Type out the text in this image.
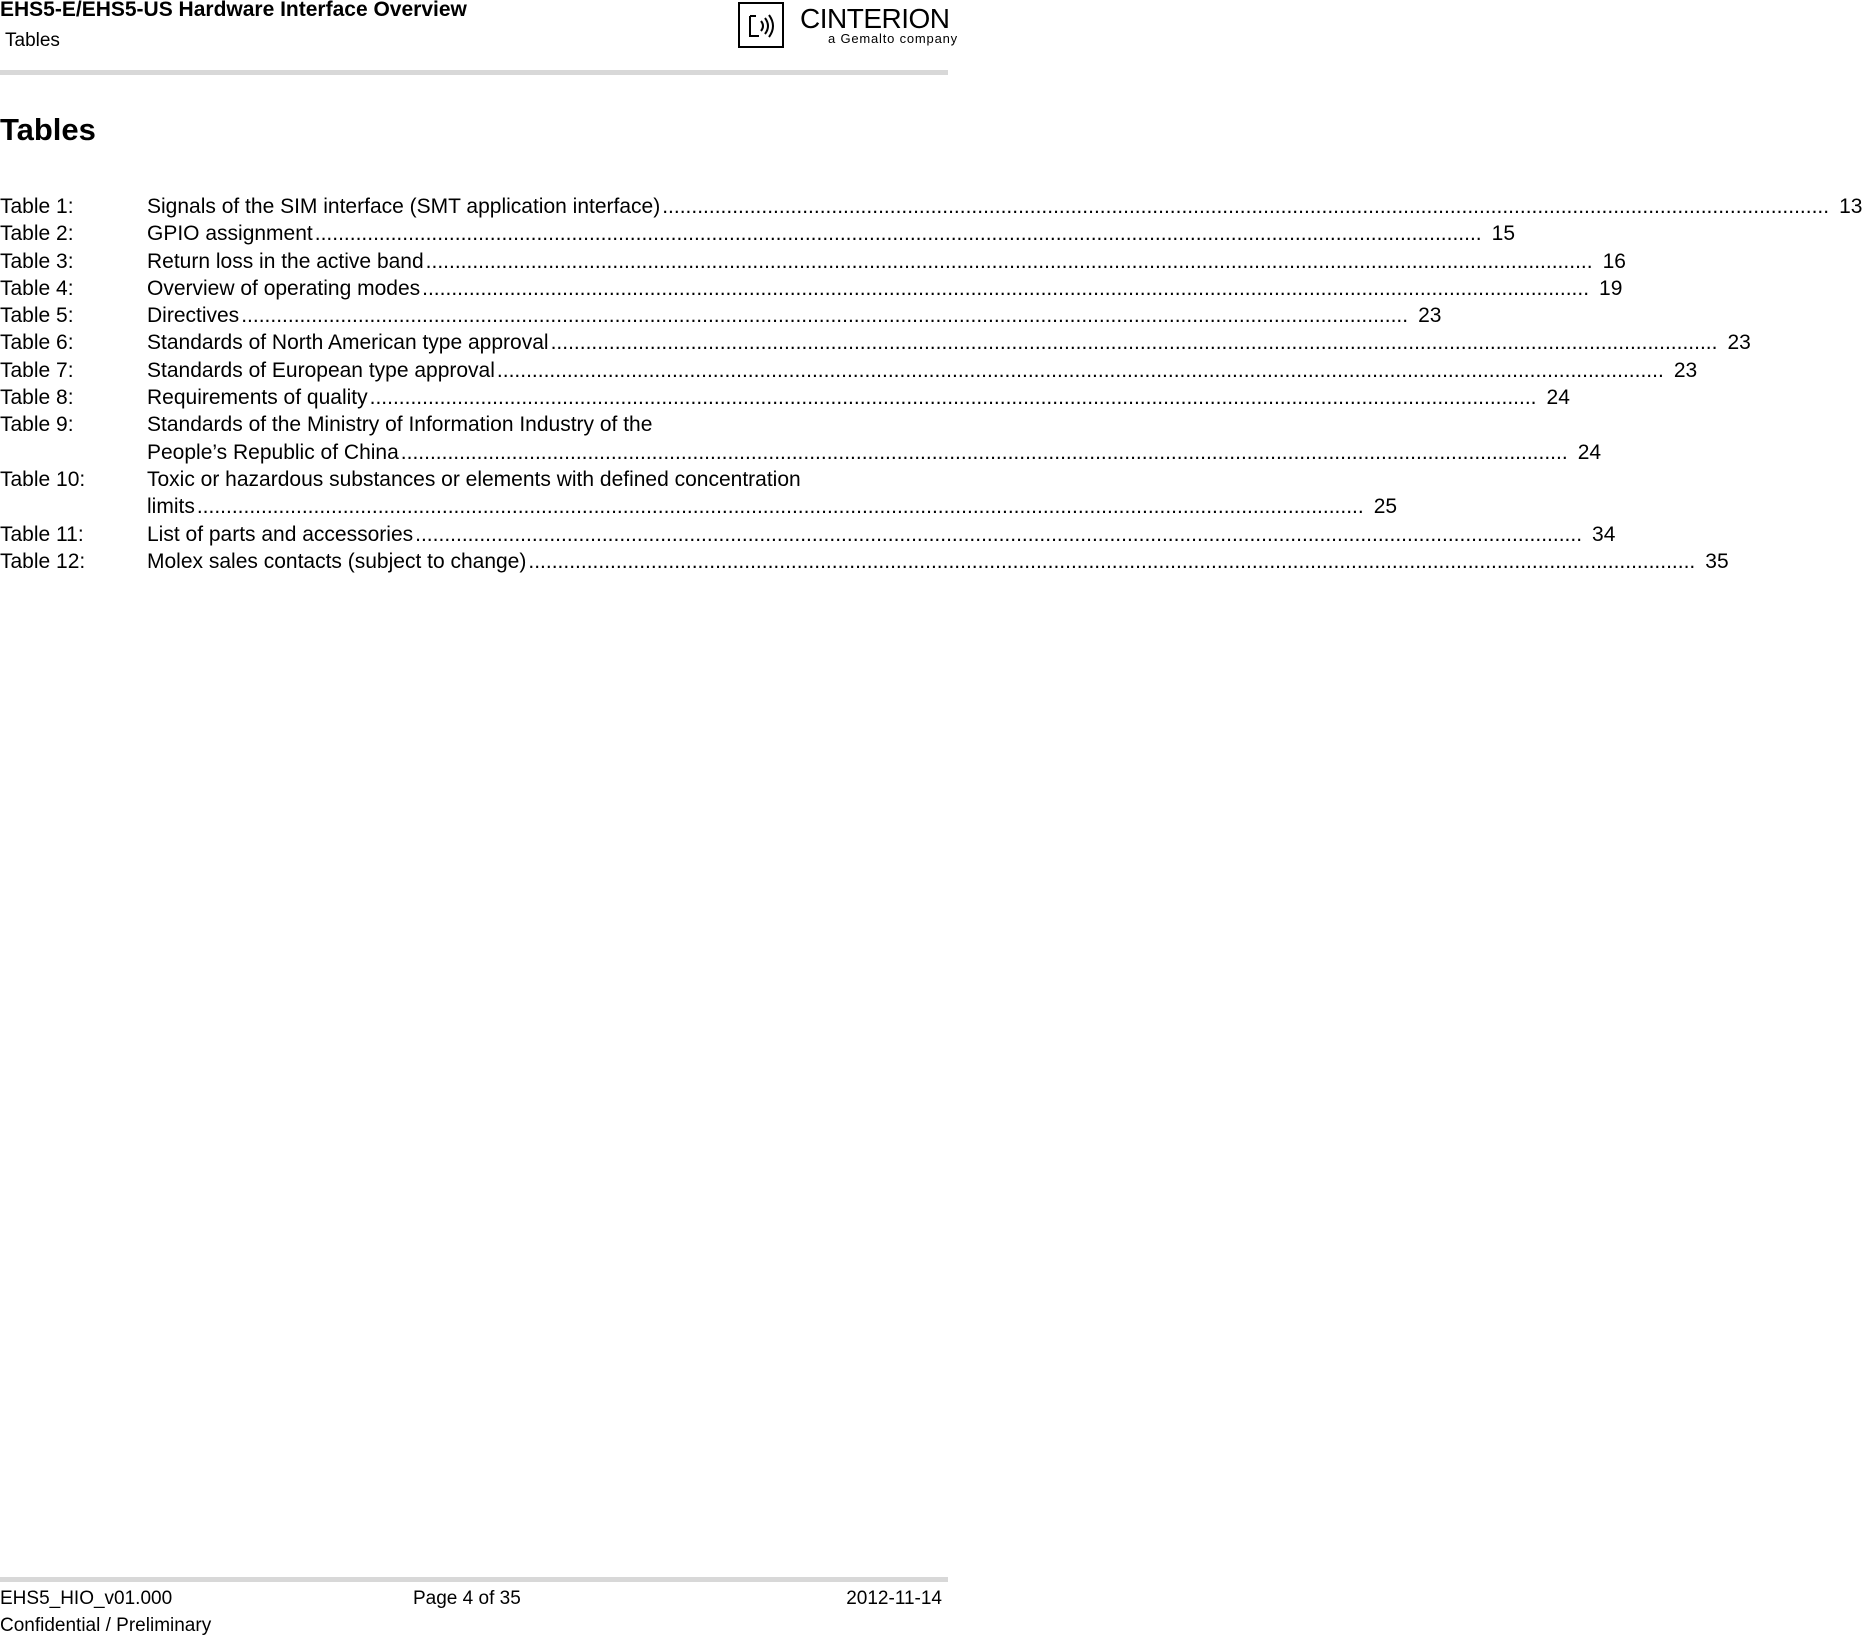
EHS5-E/EHS5-US Hardware Interface Overview
Tables
CINTERION
a Gemalto company
Tables
Table 1:	Signals of the SIM interface (SMT application interface) ........................................................................................................................................................................................................ 13
Table 2:	GPIO assignment ........................................................................................................................................................................................................ 15
Table 3:	Return loss in the active band ........................................................................................................................................................................................................ 16
Table 4:	Overview of operating modes ........................................................................................................................................................................................................ 19
Table 5:	Directives ........................................................................................................................................................................................................ 23
Table 6:	Standards of North American type approval ........................................................................................................................................................................................................ 23
Table 7:	Standards of European type approval ........................................................................................................................................................................................................ 23
Table 8:	Requirements of quality ........................................................................................................................................................................................................ 24
Table 9:	Standards of the Ministry of Information Industry of the
People’s Republic of China ........................................................................................................................................................................................................ 24
Table 10:	Toxic or hazardous substances or elements with defined concentration
limits ........................................................................................................................................................................................................ 25
Table 11:	List of parts and accessories ........................................................................................................................................................................................................ 34
Table 12:	Molex sales contacts (subject to change) ........................................................................................................................................................................................................ 35
EHS5_HIO_v01.000	Page 4 of 35	2012-11-14
Confidential / Preliminary
